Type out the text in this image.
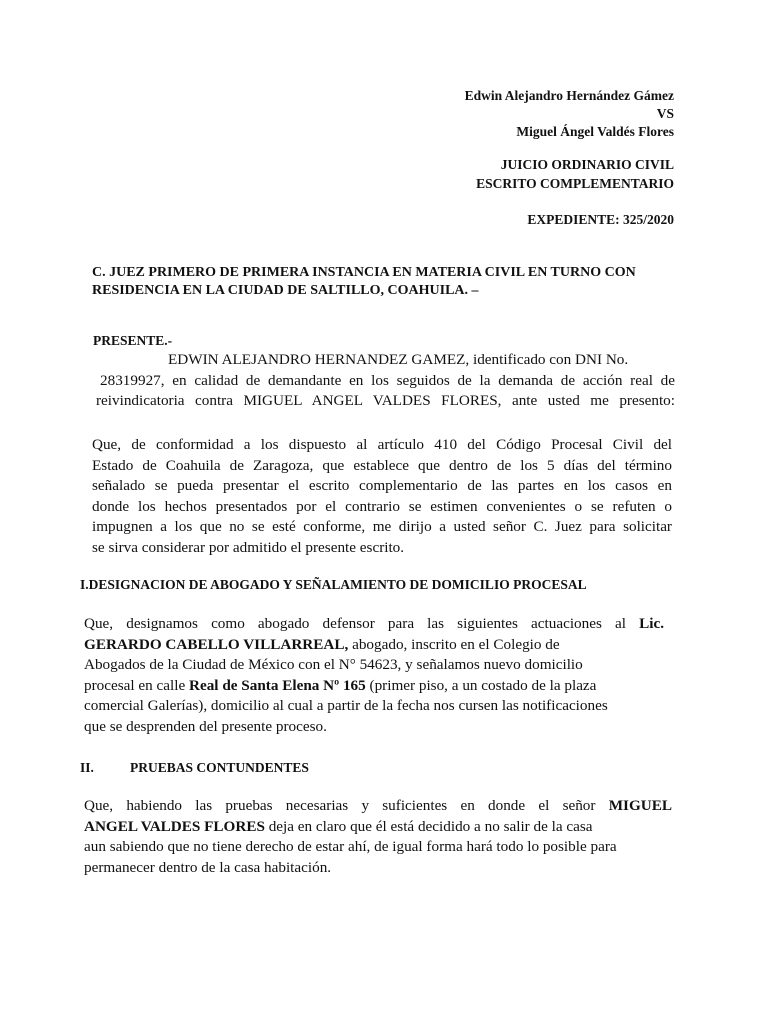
Edwin Alejandro Hernández Gámez
VS
Miguel Ángel Valdés Flores
JUICIO ORDINARIO CIVIL
ESCRITO COMPLEMENTARIO
EXPEDIENTE: 325/2020
C. JUEZ PRIMERO DE PRIMERA INSTANCIA EN MATERIA CIVIL EN TURNO CON
RESIDENCIA EN LA CIUDAD DE SALTILLO, COAHUILA. –
PRESENTE.-
EDWIN ALEJANDRO HERNANDEZ GAMEZ, identificado con DNI No.
28319927, en calidad de demandante en los seguidos de la demanda de acción real de
reivindicatoria contra MIGUEL ANGEL VALDES FLORES, ante usted me presento:
Que, de conformidad a los dispuesto al artículo 410 del Código Procesal Civil del
Estado de Coahuila de Zaragoza, que establece que dentro de los 5 días del término
señalado se pueda presentar el escrito complementario de las partes en los casos en
donde los hechos presentados por el contrario se estimen convenientes o se refuten o
impugnen a los que no se esté conforme, me dirijo a usted señor C. Juez para solicitar
se sirva considerar por admitido el presente escrito.
I.DESIGNACION DE ABOGADO Y SEÑALAMIENTO DE DOMICILIO PROCESAL
Que, designamos como abogado defensor para las siguientes actuaciones al Lic.
GERARDO CABELLO VILLARREAL, abogado, inscrito en el Colegio de
Abogados de la Ciudad de México con el N° 54623, y señalamos nuevo domicilio
procesal en calle Real de Santa Elena Nº 165 (primer piso, a un costado de la plaza
comercial Galerías), domicilio al cual a partir de la fecha nos cursen las notificaciones
que se desprenden del presente proceso.
II.	PRUEBAS CONTUNDENTES
Que, habiendo las pruebas necesarias y suficientes en donde el señor MIGUEL
ANGEL VALDES FLORES deja en claro que él está decidido a no salir de la casa
aun sabiendo que no tiene derecho de estar ahí, de igual forma hará todo lo posible para
permanecer dentro de la casa habitación.
